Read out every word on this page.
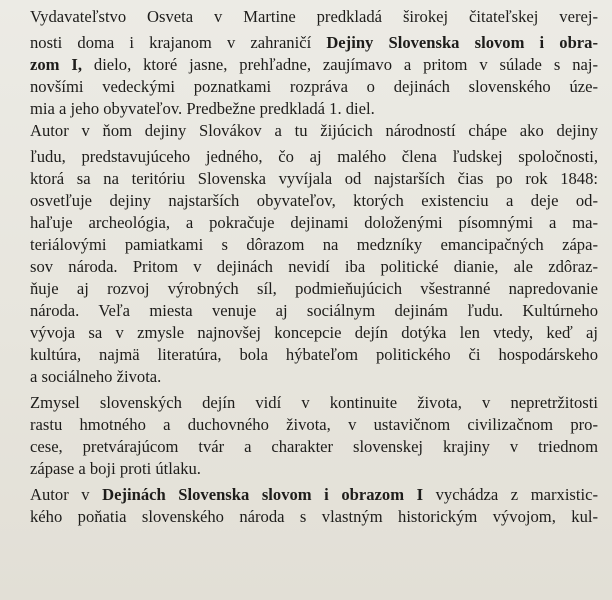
Vydavateľstvo Osveta v Martine predkladá širokej čitateľskej verej-
nosti doma i krajanom v zahraničí Dejiny Slovenska slovom i obra-
zom I, dielo, ktoré jasne, prehľadne, zaujímavo a pritom v súlade s naj-
novšími vedeckými poznatkami rozpráva o dejinách slovenského úze-
mia a jeho obyvateľov. Predbežne predkladá 1. diel.
Autor v ňom dejiny Slovákov a tu žijúcich národností chápe ako dejiny
ľudu, predstavujúceho jedného, čo aj malého člena ľudskej spoločnosti,
ktorá sa na teritóriu Slovenska vyvíjala od najstarších čias po rok 1848:
osvetľuje dejiny najstarších obyvateľov, ktorých existenciu a deje od-
haľuje archeológia, a pokračuje dejinami doloženými písomnými a ma-
teriálovými pamiatkami s dôrazom na medzníky emancipačných zápa-
sov národa. Pritom v dejinách nevidí iba politické dianie, ale zdôraz-
ňuje aj rozvoj výrobných síl, podmieňujúcich všestranné napredovanie
národa. Veľa miesta venuje aj sociálnym dejinám ľudu. Kultúrneho
vývoja sa v zmysle najnovšej koncepcie dejín dotýka len vtedy, keď aj
kultúra, najmä literatúra, bola hýbateľom politického či hospodárskeho
a sociálneho života.
Zmysel slovenských dejín vidí v kontinuite života, v nepretržitosti
rastu hmotného a duchovného života, v ustavičnom civilizačnom pro-
cese, pretvárajúcom tvár a charakter slovenskej krajiny v triednom
zápase a boji proti útlaku.
Autor v Dejinách Slovenska slovom i obrazom I vychádza z marxistic-
kého poňatia slovenského národa s vlastným historickým vývojom, kul-
